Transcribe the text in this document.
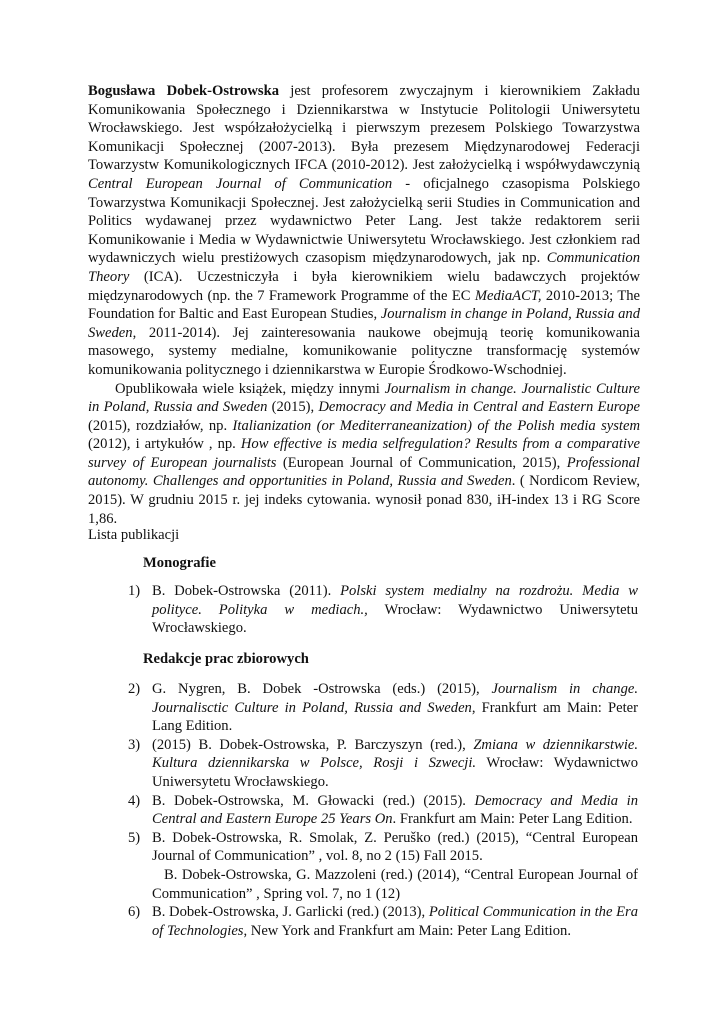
Bogusława Dobek-Ostrowska jest profesorem zwyczajnym i kierownikiem Zakładu Komunikowania Społecznego i Dziennikarstwa w Instytucie Politologii Uniwersytetu Wrocławskiego. Jest współzałożycielką i pierwszym prezesem Polskiego Towarzystwa Komunikacji Społecznej (2007-2013). Była prezesem Międzynarodowej Federacji Towarzystw Komunikologicznych IFCA (2010-2012). Jest założycielką i współwydawczynią Central European Journal of Communication - oficjalnego czasopisma Polskiego Towarzystwa Komunikacji Społecznej. Jest założycielką serii Studies in Communication and Politics wydawanej przez wydawnictwo Peter Lang. Jest także redaktorem serii Komunikowanie i Media w Wydawnictwie Uniwersytetu Wrocławskiego. Jest członkiem rad wydawniczych wielu prestiżowych czasopism międzynarodowych, jak np. Communication Theory (ICA). Uczestniczyła i była kierownikiem wielu badawczych projektów międzynarodowych (np. the 7 Framework Programme of the EC MediaACT, 2010-2013; The Foundation for Baltic and East European Studies, Journalism in change in Poland, Russia and Sweden, 2011-2014). Jej zainteresowania naukowe obejmują teorię komunikowania masowego, systemy medialne, komunikowanie polityczne transformację systemów komunikowania politycznego i dziennikarstwa w Europie Środkowo-Wschodniej.

Opublikowała wiele książek, między innymi Journalism in change. Journalistic Culture in Poland, Russia and Sweden (2015), Democracy and Media in Central and Eastern Europe (2015), rozdziałów, np. Italianization (or Mediterraneanization) of the Polish media system (2012), i artykułów , np. How effective is media selfregulation? Results from a comparative survey of European journalists (European Journal of Communication, 2015), Professional autonomy. Challenges and opportunities in Poland, Russia and Sweden. ( Nordicom Review, 2015). W grudniu 2015 r. jej indeks cytowania. wynosił ponad 830, iH-index 13 i RG Score 1,86.

Lista publikacji

Monografie

1) B. Dobek-Ostrowska (2011). Polski system medialny na rozdrożu. Media w polityce. Polityka w mediach., Wrocław: Wydawnictwo Uniwersytetu Wrocławskiego.

Redakcje prac zbiorowych

2) G. Nygren, B. Dobek -Ostrowska (eds.) (2015), Journalism in change. Journalisctic Culture in Poland, Russia and Sweden, Frankfurt am Main: Peter Lang Edition.
3) (2015) B. Dobek-Ostrowska, P. Barczyszyn (red.), Zmiana w dziennikarstwie. Kultura dziennikarska w Polsce, Rosji i Szwecji. Wrocław: Wydawnictwo Uniwersytetu Wrocławskiego.
4) B. Dobek-Ostrowska, M. Głowacki (red.) (2015). Democracy and Media in Central and Eastern Europe 25 Years On. Frankfurt am Main: Peter Lang Edition.
5) B. Dobek-Ostrowska, R. Smolak, Z. Peruško (red.) (2015), “Central European Journal of Communication” , vol. 8, no 2 (15) Fall 2015.
B. Dobek-Ostrowska, G. Mazzoleni (red.) (2014), “Central European Journal of Communication” , Spring vol. 7, no 1 (12)
6) B. Dobek-Ostrowska, J. Garlicki (red.) (2013), Political Communication in the Era of Technologies, New York and Frankfurt am Main: Peter Lang Edition.
